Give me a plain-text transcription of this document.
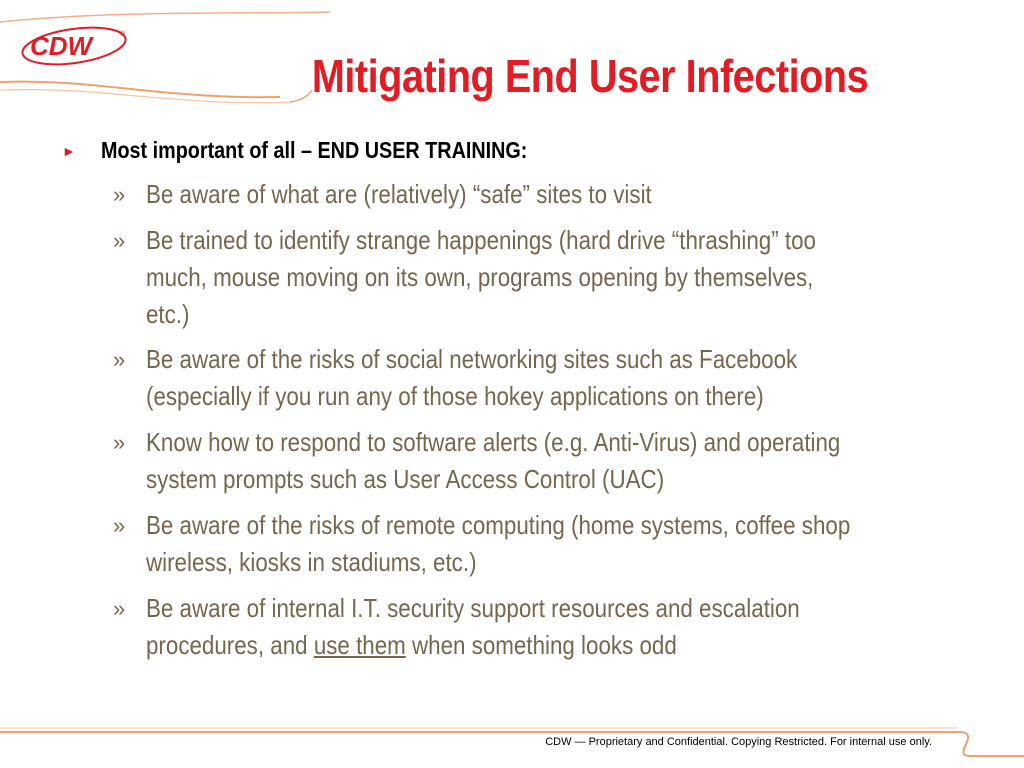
CDW	®
Mitigating End User Infections
► Most important of all – END USER TRAINING:
» Be aware of what are (relatively) “safe” sites to visit
» Be trained to identify strange happenings (hard drive “thrashing” too
much, mouse moving on its own, programs opening by themselves,
etc.)
» Be aware of the risks of social networking sites such as Facebook
(especially if you run any of those hokey applications on there)
» Know how to respond to software alerts (e.g. Anti-Virus) and operating
system prompts such as User Access Control (UAC)
» Be aware of the risks of remote computing (home systems, coffee shop
wireless, kiosks in stadiums, etc.)
» Be aware of internal I.T. security support resources and escalation
procedures, and use them when something looks odd
CDW — Proprietary and Confidential. Copying Restricted. For internal use only.
